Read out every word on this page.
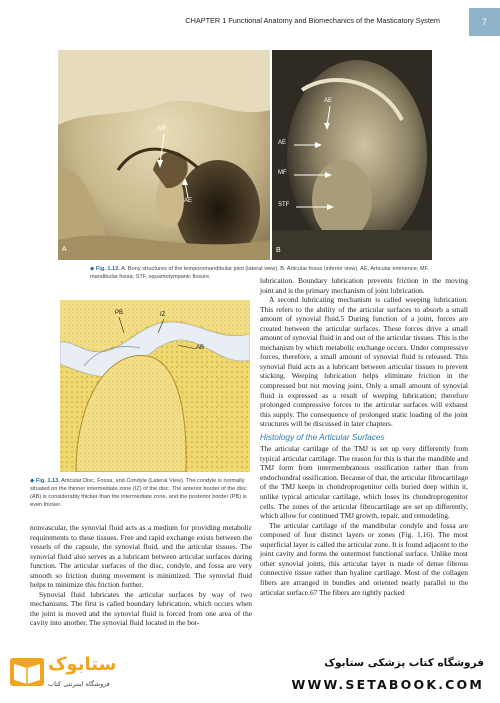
CHAPTER 1 Functional Anatomy and Biomechanics of the Masticatory System	7
A
MF
AE
B
AE
AE
MF
STF
◆ Fig. 1.12. A. Bony structures of the temporomandibular joint (lateral view). B. Articular fossa (inferior view). AE, Articular eminence; MF, mandibular fossa; STF, squamotympanic fissure.
PB	IZ
AB
◆ Fig. 1.13. Articular Disc, Fossa, and Condyle (Lateral View). The condyle is normally situated on the thinner intermediate zone (IZ) of the disc. The anterior border of the disc (AB) is considerably thicker than the intermediate zone, and the posterior border (PB) is even thicker.

nonvascular, the synovial fluid acts as a medium for providing metabolic requirements to these tissues. Free and rapid exchange exists between the vessels of the capsule, the synovial fluid, and the articular tissues. The synovial fluid also serves as a lubricant between articular surfaces during function. The articular surfaces of the disc, condyle, and fossa are very smooth so friction during movement is minimized. The synovial fluid helps to minimize this friction further.

Synovial fluid lubricates the articular surfaces by way of two mechanisms. The first is called boundary lubrication, which occurs when the joint is moved and the synovial fluid is forced from one area of the cavity into another. The synovial fluid located in the bor-

lubrication. Boundary lubrication prevents friction in the moving joint and is the primary mechanism of joint lubrication.

A second lubricating mechanism is called weeping lubrication. This refers to the ability of the articular surfaces to absorb a small amount of synovial fluid.5 During function of a joint, forces are created between the articular surfaces. These forces drive a small amount of synovial fluid in and out of the articular tissues. This is the mechanism by which metabolic exchange occurs. Under compressive forces, therefore, a small amount of synovial fluid is released. This synovial fluid acts as a lubricant between articular tissues to prevent sticking. Weeping lubrication helps eliminate friction in the compressed but not moving joint. Only a small amount of synovial fluid is expressed as a result of weeping lubrication; therefore prolonged compressive forces to the articular surfaces will exhaust this supply. The consequence of prolonged static loading of the joint structures will be discussed in later chapters.

Histology of the Articular Surfaces

The articular cartilage of the TMJ is set up very differently from typical articular cartilage. The reason for this is that the mandible and TMJ form from intermembranous ossification rather than from endochondral ossification. Because of that, the articular fibrocartilage of the TMJ keeps in chondroprogenitor cells buried deep within it, unlike typical articular cartilage, which loses its chondroprogenitor cells. The zones of the articular fibrocartilage are set up differently, which allow for continued TMJ growth, repair, and remodeling.

The articular cartilage of the mandibular condyle and fossa are composed of four distinct layers or zones (Fig. 1.16). The most superficial layer is called the articular zone. It is found adjacent to the joint cavity and forms the outermost functional surface. Unlike most other synovial joints, this articular layer is made of dense fibrous connective tissue rather than hyaline cartilage. Most of the collagen fibers are arranged in bundles and oriented nearly parallel to the articular surface.67 The fibers are tightly packed

ستابوک
فروشگاه اینترنتی کتاب
فروشگاه کتاب پزشکی ستابوک
WWW.SETABOOK.COM
